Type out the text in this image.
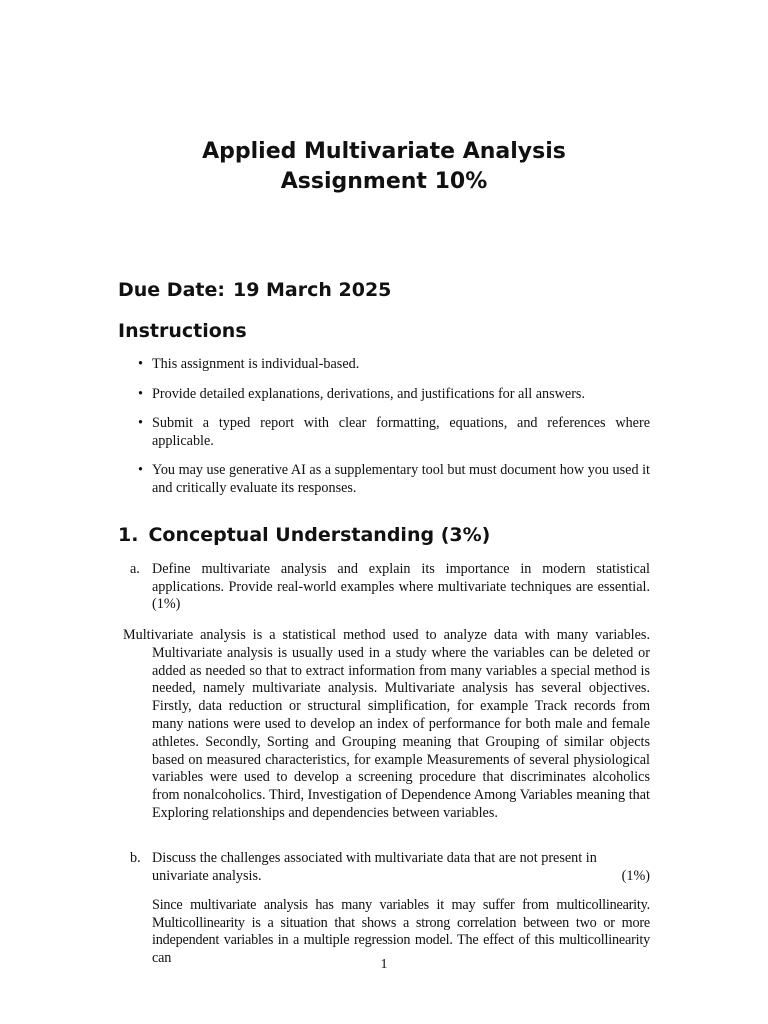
Applied Multivariate Analysis
Assignment 10%
Due Date: 19 March 2025
Instructions
• This assignment is individual-based.
• Provide detailed explanations, derivations, and justifications for all answers.
• Submit a typed report with clear formatting, equations, and references where applicable.
• You may use generative AI as a supplementary tool but must document how you used it and critically evaluate its responses.
1. Conceptual Understanding (3%)
a. Define multivariate analysis and explain its importance in modern statistical applications. Provide real-world examples where multivariate techniques are essential. (1%)
Multivariate analysis is a statistical method used to analyze data with many variables. Multivariate analysis is usually used in a study where the variables can be deleted or added as needed so that to extract information from many variables a special method is needed, namely multivariate analysis. Multivariate analysis has several objectives. Firstly, data reduction or structural simplification, for example Track records from many nations were used to develop an index of performance for both male and female athletes. Secondly, Sorting and Grouping meaning that Grouping of similar objects based on measured characteristics, for example Measurements of several physiological variables were used to develop a screening procedure that discriminates alcoholics from nonalcoholics. Third, Investigation of Dependence Among Variables meaning that Exploring relationships and dependencies between variables.
b. Discuss the challenges associated with multivariate data that are not present in
univariate analysis.	(1%)
Since multivariate analysis has many variables it may suffer from multicollinearity. Multicollinearity is a situation that shows a strong correlation between two or more independent variables in a multiple regression model. The effect of this multicollinearity can	1
